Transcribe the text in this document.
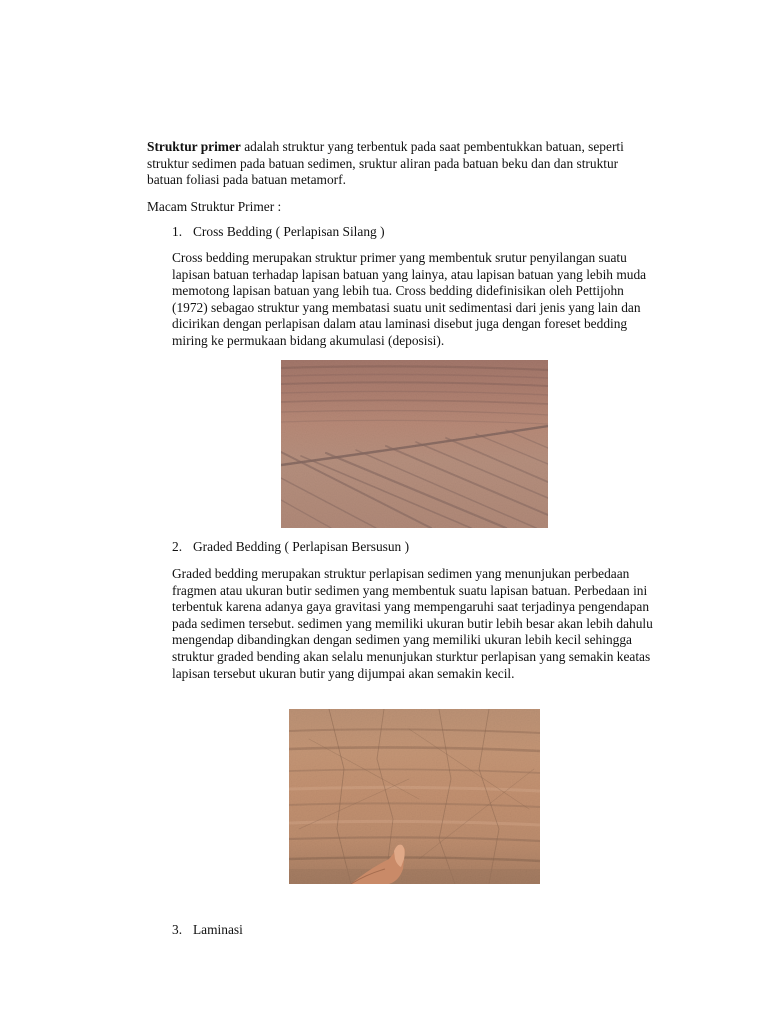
Struktur primer adalah struktur yang terbentuk pada saat pembentukkan batuan, seperti struktur sedimen pada batuan sedimen, sruktur aliran pada batuan beku dan dan struktur batuan foliasi pada batuan metamorf.

Macam Struktur Primer :

1. Cross Bedding ( Perlapisan Silang )

Cross bedding merupakan struktur primer yang membentuk srutur penyilangan suatu lapisan batuan terhadap lapisan batuan yang lainya, atau lapisan batuan yang lebih muda memotong lapisan batuan yang lebih tua. Cross bedding didefinisikan oleh Pettijohn (1972) sebagao struktur yang membatasi suatu unit sedimentasi dari jenis yang lain dan dicirikan dengan perlapisan dalam atau laminasi disebut juga dengan foreset bedding miring ke permukaan bidang akumulasi (deposisi).

2. Graded Bedding ( Perlapisan Bersusun )

Graded bedding merupakan struktur perlapisan sedimen yang menunjukan perbedaan fragmen atau ukuran butir sedimen yang membentuk suatu lapisan batuan. Perbedaan ini terbentuk karena adanya gaya gravitasi yang mempengaruhi saat terjadinya pengendapan pada sedimen tersebut. sedimen yang memiliki ukuran butir lebih besar akan lebih dahulu mengendap dibandingkan dengan sedimen yang memiliki ukuran lebih kecil sehingga struktur graded bending akan selalu menunjukan sturktur perlapisan yang semakin keatas lapisan tersebut ukuran butir yang dijumpai akan semakin kecil.

3. Laminasi
